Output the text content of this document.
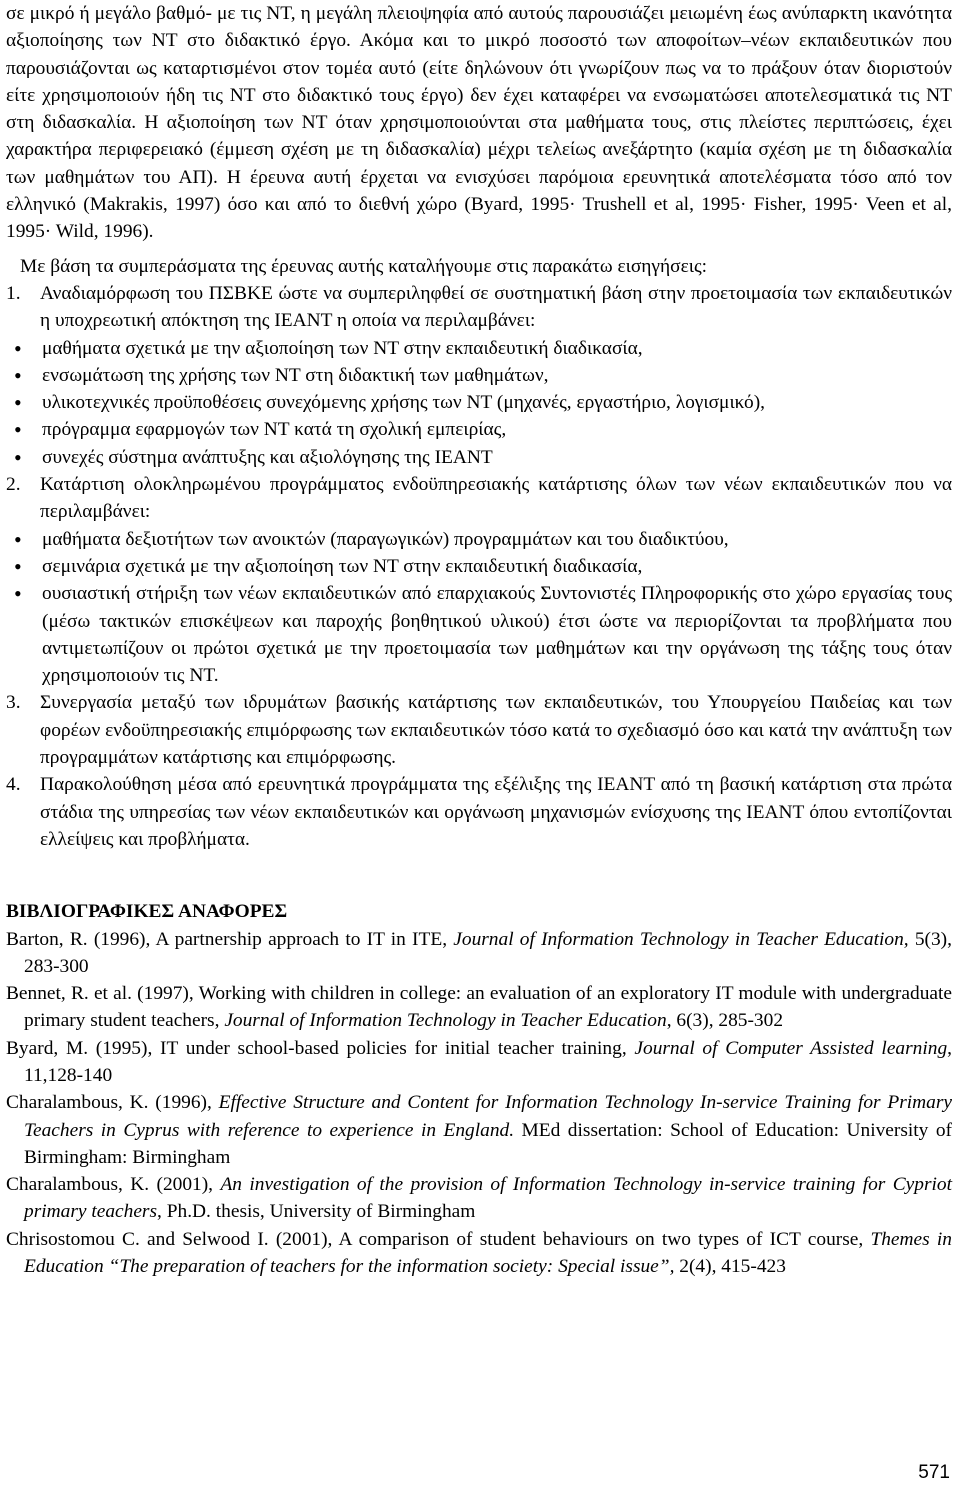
σε μικρό ή μεγάλο βαθμό- με τις ΝΤ, η μεγάλη πλειοψηφία από αυτούς παρουσιάζει μειωμένη έως ανύπαρκτη ικανότητα αξιοποίησης των ΝΤ στο διδακτικό έργο. Ακόμα και το μικρό ποσοστό των αποφοίτων–νέων εκπαιδευτικών που παρουσιάζονται ως καταρτισμένοι στον τομέα αυτό (είτε δηλώνουν ότι γνωρίζουν πως να το πράξουν όταν διοριστούν είτε χρησιμοποιούν ήδη τις ΝΤ στο διδακτικό τους έργο) δεν έχει καταφέρει να ενσωματώσει αποτελεσματικά τις ΝΤ στη διδασκαλία. Η αξιοποίηση των ΝΤ όταν χρησιμοποιούνται στα μαθήματα τους, στις πλείστες περιπτώσεις, έχει χαρακτήρα περιφερειακό (έμμεση σχέση με τη διδασκαλία) μέχρι τελείως ανεξάρτητο (καμία σχέση με τη διδασκαλία των μαθημάτων του ΑΠ). Η έρευνα αυτή έρχεται να ενισχύσει παρόμοια ερευνητικά αποτελέσματα τόσο από τον ελληνικό (Makrakis, 1997) όσο και από το διεθνή χώρο (Byard, 1995· Trushell et al, 1995· Fisher, 1995· Veen et al, 1995· Wild, 1996).

Με βάση τα συμπεράσματα της έρευνας αυτής καταλήγουμε στις παρακάτω εισηγήσεις:

1. Αναδιαμόρφωση του ΠΣΒΚΕ ώστε να συμπεριληφθεί σε συστηματική βάση στην προετοιμασία των εκπαιδευτικών η υποχρεωτική απόκτηση της ΙΕΑΝΤ η οποία να περιλαμβάνει:

• μαθήματα σχετικά με την αξιοποίηση των ΝΤ στην εκπαιδευτική διαδικασία,
• ενσωμάτωση της χρήσης των ΝΤ στη διδακτική των μαθημάτων,
• υλικοτεχνικές προϋποθέσεις συνεχόμενης χρήσης των ΝΤ (μηχανές, εργαστήριο, λογισμικό),
• πρόγραμμα εφαρμογών των ΝΤ κατά τη σχολική εμπειρίας,
• συνεχές σύστημα ανάπτυξης και αξιολόγησης της ΙΕΑΝΤ

2. Κατάρτιση ολοκληρωμένου προγράμματος ενδοϋπηρεσιακής κατάρτισης όλων των νέων εκπαιδευτικών που να περιλαμβάνει:

• μαθήματα δεξιοτήτων των ανοικτών (παραγωγικών) προγραμμάτων και του διαδικτύου,
• σεμινάρια σχετικά με την αξιοποίηση των ΝΤ στην εκπαιδευτική διαδικασία,
• ουσιαστική στήριξη των νέων εκπαιδευτικών από επαρχιακούς Συντονιστές Πληροφορικής στο χώρο εργασίας τους (μέσω τακτικών επισκέψεων και παροχής βοηθητικού υλικού) έτσι ώστε να περιορίζονται τα προβλήματα που αντιμετωπίζουν οι πρώτοι σχετικά με την προετοιμασία των μαθημάτων και την οργάνωση της τάξης τους όταν χρησιμοποιούν τις ΝΤ.

3. Συνεργασία μεταξύ των ιδρυμάτων βασικής κατάρτισης των εκπαιδευτικών, του Υπουργείου Παιδείας και των φορέων ενδοϋπηρεσιακής επιμόρφωσης των εκπαιδευτικών τόσο κατά το σχεδιασμό όσο και κατά την ανάπτυξη των προγραμμάτων κατάρτισης και επιμόρφωσης.

4. Παρακολούθηση μέσα από ερευνητικά προγράμματα της εξέλιξης της ΙΕΑΝΤ από τη βασική κατάρτιση στα πρώτα στάδια της υπηρεσίας των νέων εκπαιδευτικών και οργάνωση μηχανισμών ενίσχυσης της ΙΕΑΝΤ όπου εντοπίζονται ελλείψεις και προβλήματα.

ΒΙΒΛΙΟΓΡΑΦΙΚΕΣ ΑΝΑΦΟΡΕΣ

Barton, R. (1996), A partnership approach to IT in ITE, Journal of Information Technology in Teacher Education, 5(3), 283-300

Bennet, R. et al. (1997), Working with children in college: an evaluation of an exploratory IT module with undergraduate primary student teachers, Journal of Information Technology in Teacher Education, 6(3), 285-302

Byard, M. (1995), IT under school-based policies for initial teacher training, Journal of Computer Assisted learning, 11,128-140

Charalambous, K. (1996), Effective Structure and Content for Information Technology In-service Training for Primary Teachers in Cyprus with reference to experience in England. MEd dissertation: School of Education: University of Birmingham: Birmingham

Charalambous, K. (2001), An investigation of the provision of Information Technology in-service training for Cypriot primary teachers, Ph.D. thesis, University of Birmingham

Chrisostomou C. and Selwood I. (2001), A comparison of student behaviours on two types of ICT course, Themes in Education “The preparation of teachers for the information society: Special issue”, 2(4), 415-423

571
